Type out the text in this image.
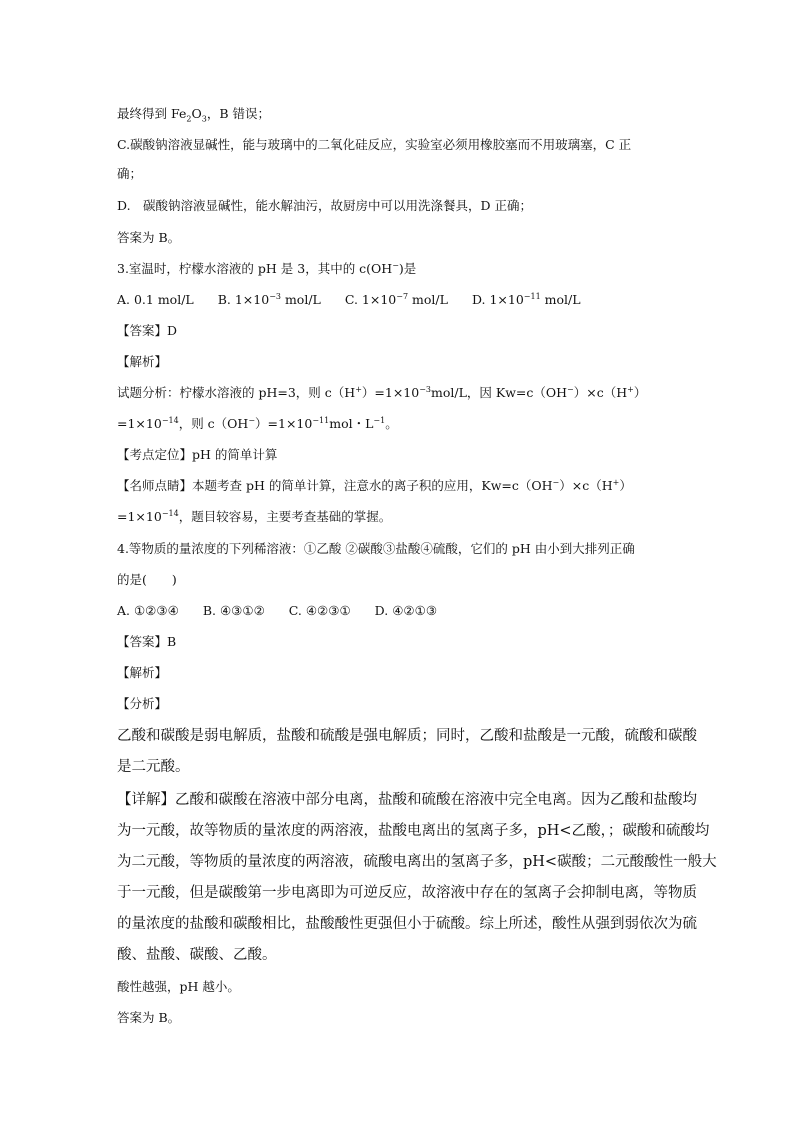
最终得到 $Fe_2O_3$，B 错误；
C.碳酸钠溶液显碱性，能与玻璃中的二氧化硅反应，实验室必须用橡胶塞而不用玻璃塞，C 正
确；
D.　碳酸钠溶液显碱性，能水解油污，故厨房中可以用洗涤餐具，D 正确；
答案为 B。
3.室温时，柠檬水溶液的 pH 是 3，其中的 c(OH−)是
A. 0.1 mol/L B. $1\times 10^{-3}$ mol/L C. $1\times 10^{-7}$ mol/L D. $1\times 10^{-11}$ mol/L
【答案】D
【解析】
试题分析：柠檬水溶液的 pH=3，则 $c(H^+)=1\times 10^{-3}mol/L$，因 Kw=c（OH−）×c（H+）
$=1\times 10^{-14}$，则 $c(OH^-)=1\times 10^{-11}mol$・$L^{-1}$。
【考点定位】pH 的简单计算
【名师点睛】本题考查 pH 的简单计算，注意水的离子积的应用，Kw=c（OH−）×c（H+）
$=1\times 10^{-14}$，题目较容易，主要考查基础的掌握。
4.等物质的量浓度的下列稀溶液：①乙酸 ②碳酸③盐酸④硫酸，它们的 pH 由小到大排列正确
的是(　　)
A. ①②③④ B. ④③①② C. ④②③① D. ④②①③
【答案】B
【解析】
【分析】
乙酸和碳酸是弱电解质，盐酸和硫酸是强电解质；同时，乙酸和盐酸是一元酸，硫酸和碳酸
是二元酸。
【详解】乙酸和碳酸在溶液中部分电离，盐酸和硫酸在溶液中完全电离。因为乙酸和盐酸均
为一元酸，故等物质的量浓度的两溶液，盐酸电离出的氢离子多，pH<乙酸，；碳酸和硫酸均
为二元酸，等物质的量浓度的两溶液，硫酸电离出的氢离子多，pH<碳酸；二元酸酸性一般大
于一元酸，但是碳酸第一步电离即为可逆反应，故溶液中存在的氢离子会抑制电离，等物质
的量浓度的盐酸和碳酸相比，盐酸酸性更强但小于硫酸。综上所述，酸性从强到弱依次为硫
酸、盐酸、碳酸、乙酸。
酸性越强，pH 越小。
答案为 B。
